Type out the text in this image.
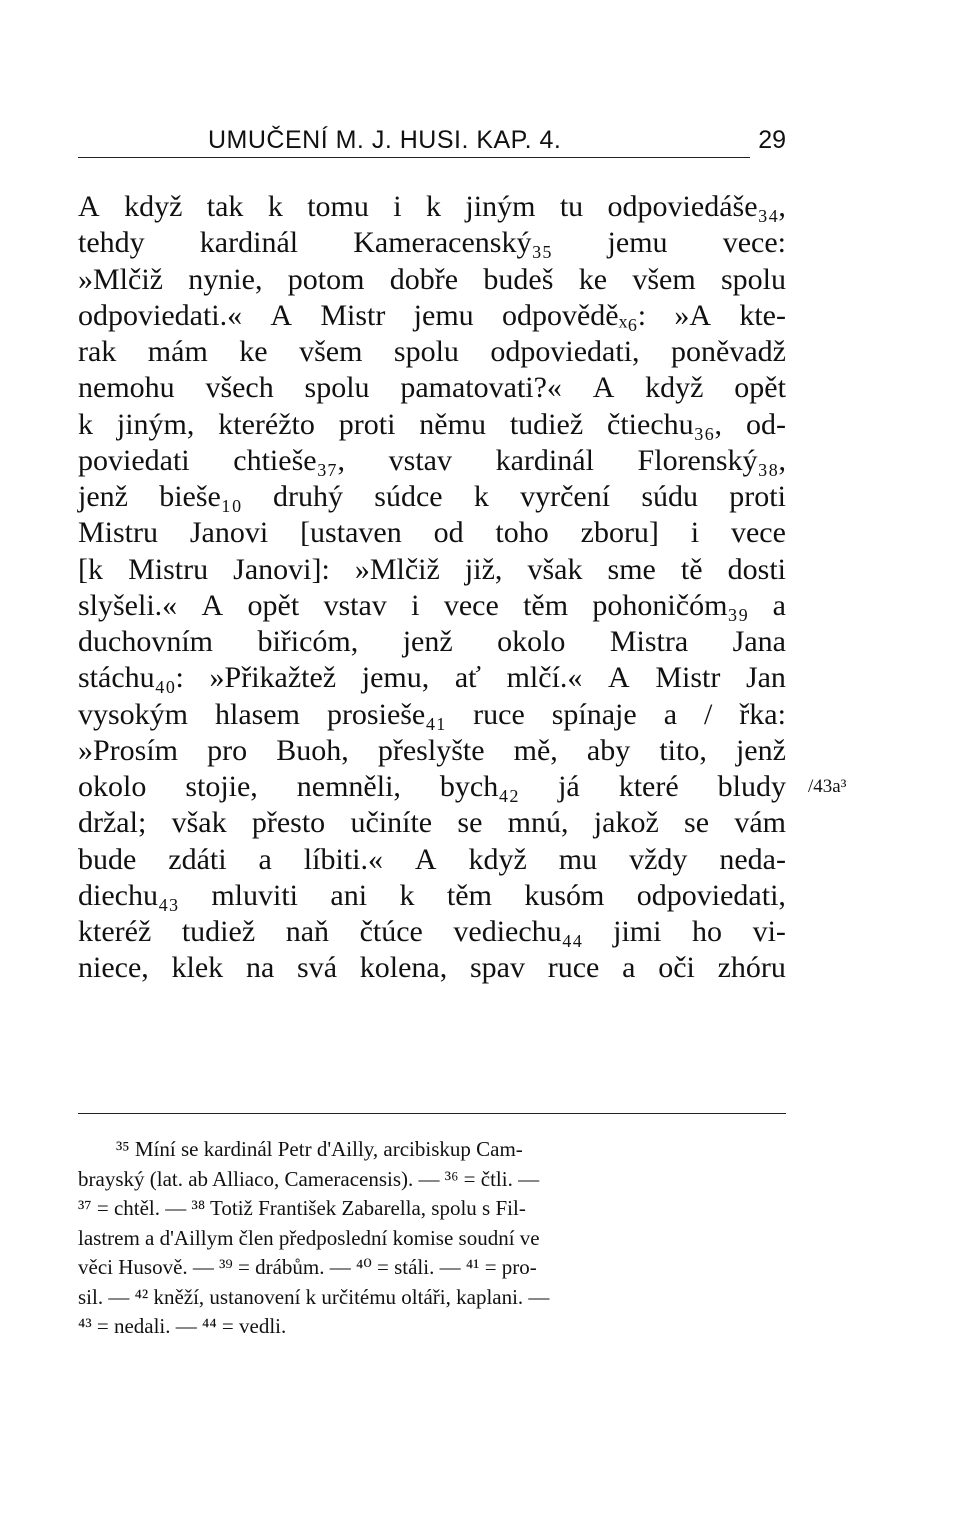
UMUČENÍ M. J. HUSI. KAP. 4.	29
A když tak k tomu i k jiným tu odpoviedáše₃₄,
tehdy kardinál Kameracenský₃₅ jemu vece:
»Mlčiž nynie, potom dobře budeš ke všem spolu
odpoviedati.« A Mistr jemu odpověděₓ₆: »A kte-
rak mám ke všem spolu odpoviedati, poněvadž
nemohu všech spolu pamatovati?« A když opět
k jiným, kteréžto proti němu tudiež čtiechu₃₆, od-
poviedati chtieše₃₇, vstav kardinál Florenský₃₈,
jenž bieše₁₀ druhý súdce k vyrčení súdu proti
Mistru Janovi [ustaven od toho zboru] i vece
[k Mistru Janovi]: »Mlčiž již, však sme tě dosti
slyšeli.« A opět vstav i vece těm pohoničóm₃₉ a
duchovním biřicóm, jenž okolo Mistra Jana
stáchu₄₀: »Přikažtež jemu, ať mlčí.« A Mistr Jan
vysokým hlasem prosieše₄₁ ruce spínaje a / řka:
»Prosím pro Buoh, přeslyšte mě, aby tito, jenž
okolo stojie, nemněli, bych₄₂ já které bludy
držal; však přesto učiníte se mnú, jakož se vám
bude zdáti a líbiti.« A když mu vždy neda-
diechu₄₃ mluviti ani k těm kusóm odpoviedati,
kteréž tudiež naň čtúce vediechu₄₄ jimi ho vi-
niece, klek na svá kolena, spav ruce a oči zhóru
/43a³
³⁵ Míní se kardinál Petr d'Ailly, arcibiskup Cam-
brayský (lat. ab Alliaco, Cameracensis). — ³⁶ = čtli. —
³⁷ = chtěl. — ³⁸ Totiž František Zabarella, spolu s Fil-
lastrem a d'Aillym člen předposlední komise soudní ve
věci Husově. — ³⁹ = drábům. — ⁴⁰ = stáli. — ⁴¹ = pro-
sil. — ⁴² kněží, ustanovení k určitému oltáři, kaplani. —
⁴³ = nedali. — ⁴⁴ = vedli.
